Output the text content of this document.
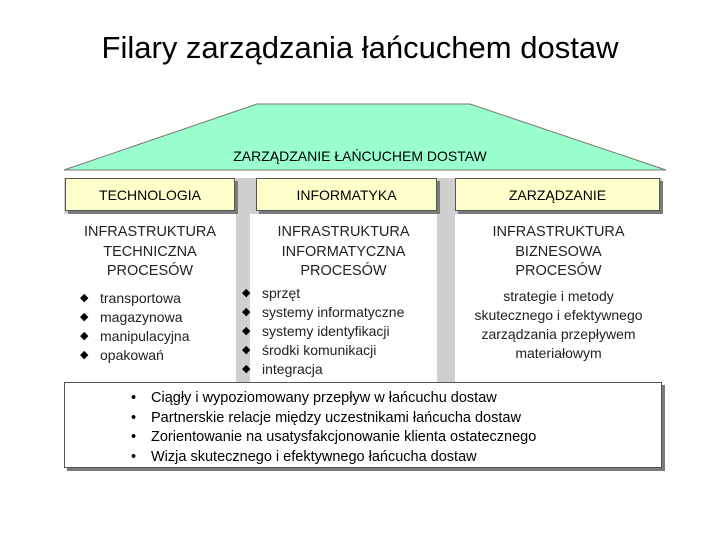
Filary zarządzania łańcuchem dostaw
ZARZĄDZANIE ŁAŃCUCHEM DOSTAW
TECHNOLOGIA	INFORMATYKA	ZARZĄDZANIE
INFRASTRUKTURA
TECHNICZNA
PROCESÓW
◆ transportowa
◆ magazynowa
◆ manipulacyjna
◆ opakowań
INFRASTRUKTURA
INFORMATYCZNA
PROCESÓW
◆ sprzęt
◆ systemy informatyczne
◆ systemy identyfikacji
◆ środki komunikacji
◆ integracja
INFRASTRUKTURA
BIZNESOWA
PROCESÓW
strategie i metody
skutecznego i efektywnego
zarządzania przepływem
materiałowym
• Ciągły i wypoziomowany przepływ w łańcuchu dostaw
• Partnerskie relacje między uczestnikami łańcucha dostaw
• Zorientowanie na usatysfakcjonowanie klienta ostatecznego
• Wizja skutecznego i efektywnego łańcucha dostaw
